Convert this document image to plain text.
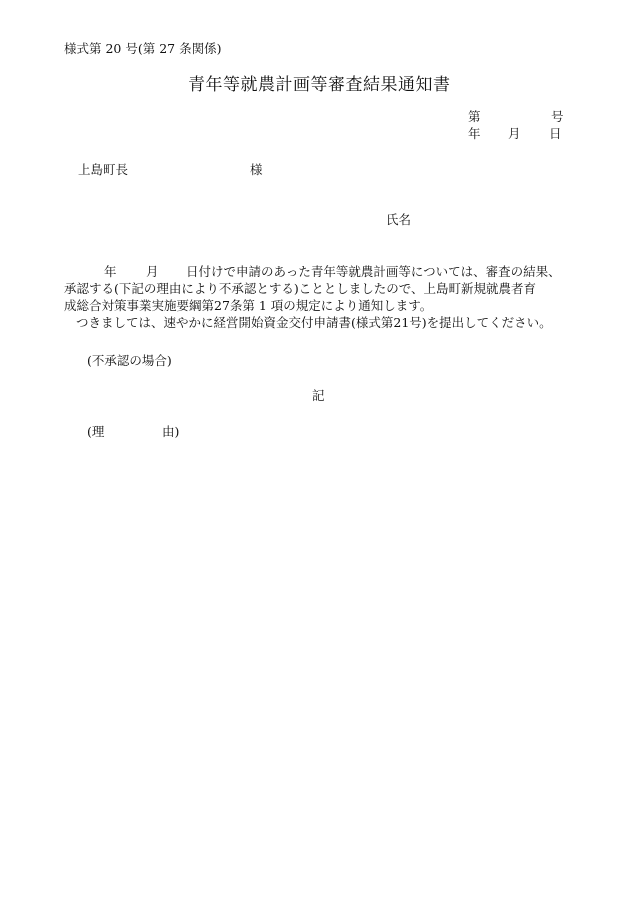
様式第 20 号(第 27 条関係)
青年等就農計画等審査結果通知書
第	号
年 月 日
上島町長	様
氏名
年 月 日付けで申請のあった青年等就農計画等については、審査の結果、
承認する(下記の理由により不承認とする)こととしましたので、上島町新規就農者育
成総合対策事業実施要綱第27条第 1 項の規定により通知します。
つきましては、速やかに経営開始資金交付申請書(様式第21号)を提出してください。
(不承認の場合)
記
(理	由)
